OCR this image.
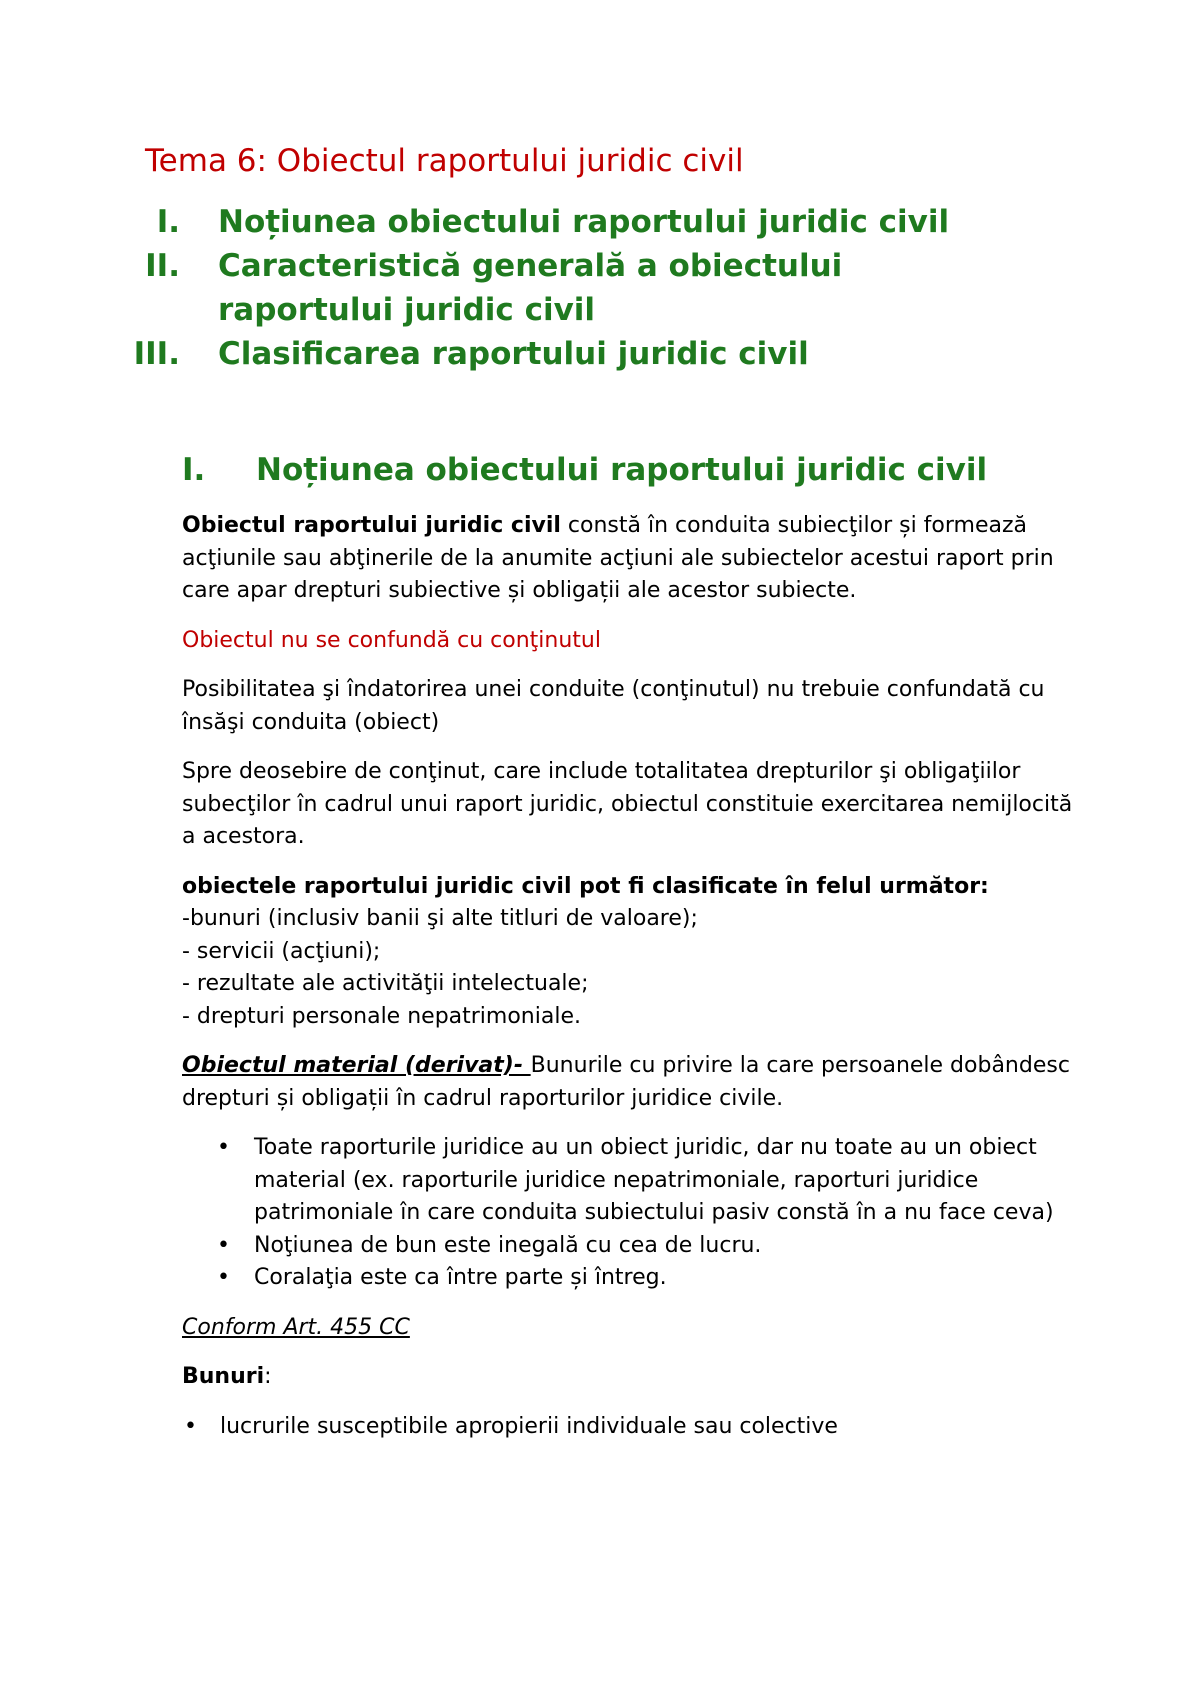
Tema 6: Obiectul raportului juridic civil
I. Noțiunea obiectului raportului juridic civil
II. Caracteristică generală a obiectului raportului juridic civil
III. Clasificarea raportului juridic civil
I. Noțiunea obiectului raportului juridic civil

Obiectul raportului juridic civil constă în conduita subiecţilor și formează acţiunile sau abţinerile de la anumite acţiuni ale subiectelor acestui raport prin care apar drepturi subiective și obligații ale acestor subiecte.

Obiectul nu se confundă cu conţinutul

Posibilitatea şi îndatorirea unei conduite (conţinutul) nu trebuie confundată cu însăşi conduita (obiect)

Spre deosebire de conţinut, care include totalitatea drepturilor şi obligaţiilor subecţilor în cadrul unui raport juridic, obiectul constituie exercitarea nemijlocită a acestora.

obiectele raportului juridic civil pot fi clasificate în felul următor:
-bunuri (inclusiv banii şi alte titluri de valoare);
- servicii (acţiuni);
- rezultate ale activităţii intelectuale;
- drepturi personale nepatrimoniale.

Obiectul material (derivat)- Bunurile cu privire la care persoanele dobândesc drepturi și obligații în cadrul raporturilor juridice civile.

• Toate raporturile juridice au un obiect juridic, dar nu toate au un obiect material (ex. raporturile juridice nepatrimoniale, raporturi juridice patrimoniale în care conduita subiectului pasiv constă în a nu face ceva)
• Noţiunea de bun este inegală cu cea de lucru.
• Coralaţia este ca între parte și întreg.

Conform Art. 455 CC

Bunuri:

• lucrurile susceptibile apropierii individuale sau colective
